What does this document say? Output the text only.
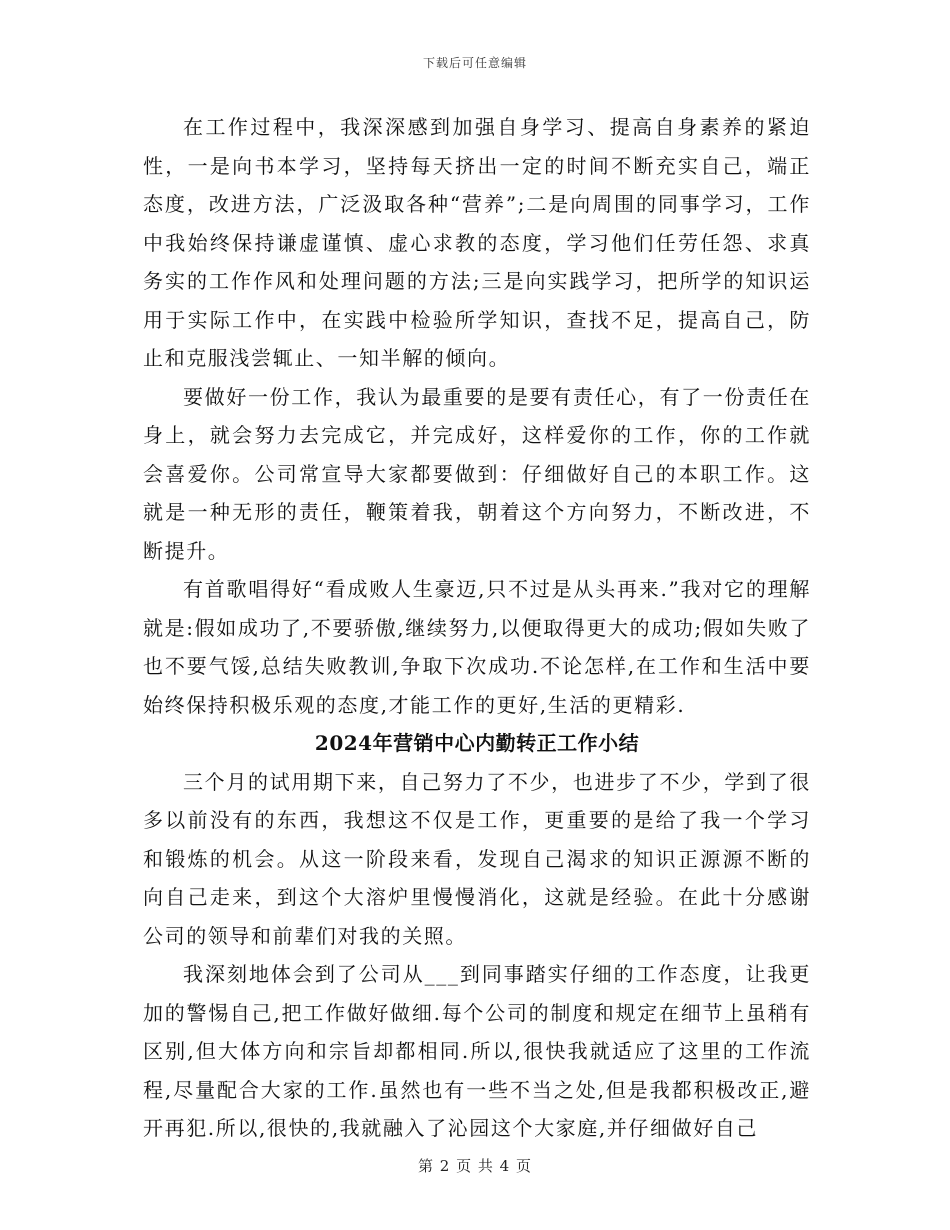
下载后可任意编辑

在工作过程中，我深深感到加强自身学习、提高自身素养的紧迫性，一是向书本学习，坚持每天挤出一定的时间不断充实自己，端正态度，改进方法，广泛汲取各种“营养”;二是向周围的同事学习，工作中我始终保持谦虚谨慎、虚心求教的态度，学习他们任劳任怨、求真务实的工作作风和处理问题的方法;三是向实践学习，把所学的知识运用于实际工作中，在实践中检验所学知识，查找不足，提高自己，防止和克服浅尝辄止、一知半解的倾向。

要做好一份工作，我认为最重要的是要有责任心，有了一份责任在身上，就会努力去完成它，并完成好，这样爱你的工作，你的工作就会喜爱你。公司常宣导大家都要做到：仔细做好自己的本职工作。这就是一种无形的责任，鞭策着我，朝着这个方向努力，不断改进，不断提升。

有首歌唱得好“看成败人生豪迈,只不过是从头再来.”我对它的理解就是:假如成功了,不要骄傲,继续努力,以便取得更大的成功;假如失败了也不要气馁,总结失败教训,争取下次成功.不论怎样,在工作和生活中要始终保持积极乐观的态度,才能工作的更好,生活的更精彩.

2024年营销中心内勤转正工作小结

三个月的试用期下来，自己努力了不少，也进步了不少，学到了很多以前没有的东西，我想这不仅是工作，更重要的是给了我一个学习和锻炼的机会。从这一阶段来看，发现自己渴求的知识正源源不断的向自己走来，到这个大溶炉里慢慢消化，这就是经验。在此十分感谢公司的领导和前辈们对我的关照。

我深刻地体会到了公司从___到同事踏实仔细的工作态度，让我更加的警惕自己,把工作做好做细.每个公司的制度和规定在细节上虽稍有区别,但大体方向和宗旨却都相同.所以,很快我就适应了这里的工作流程,尽量配合大家的工作.虽然也有一些不当之处,但是我都积极改正,避开再犯.所以,很快的,我就融入了沁园这个大家庭,并仔细做好自己

第 2 页 共 4 页
